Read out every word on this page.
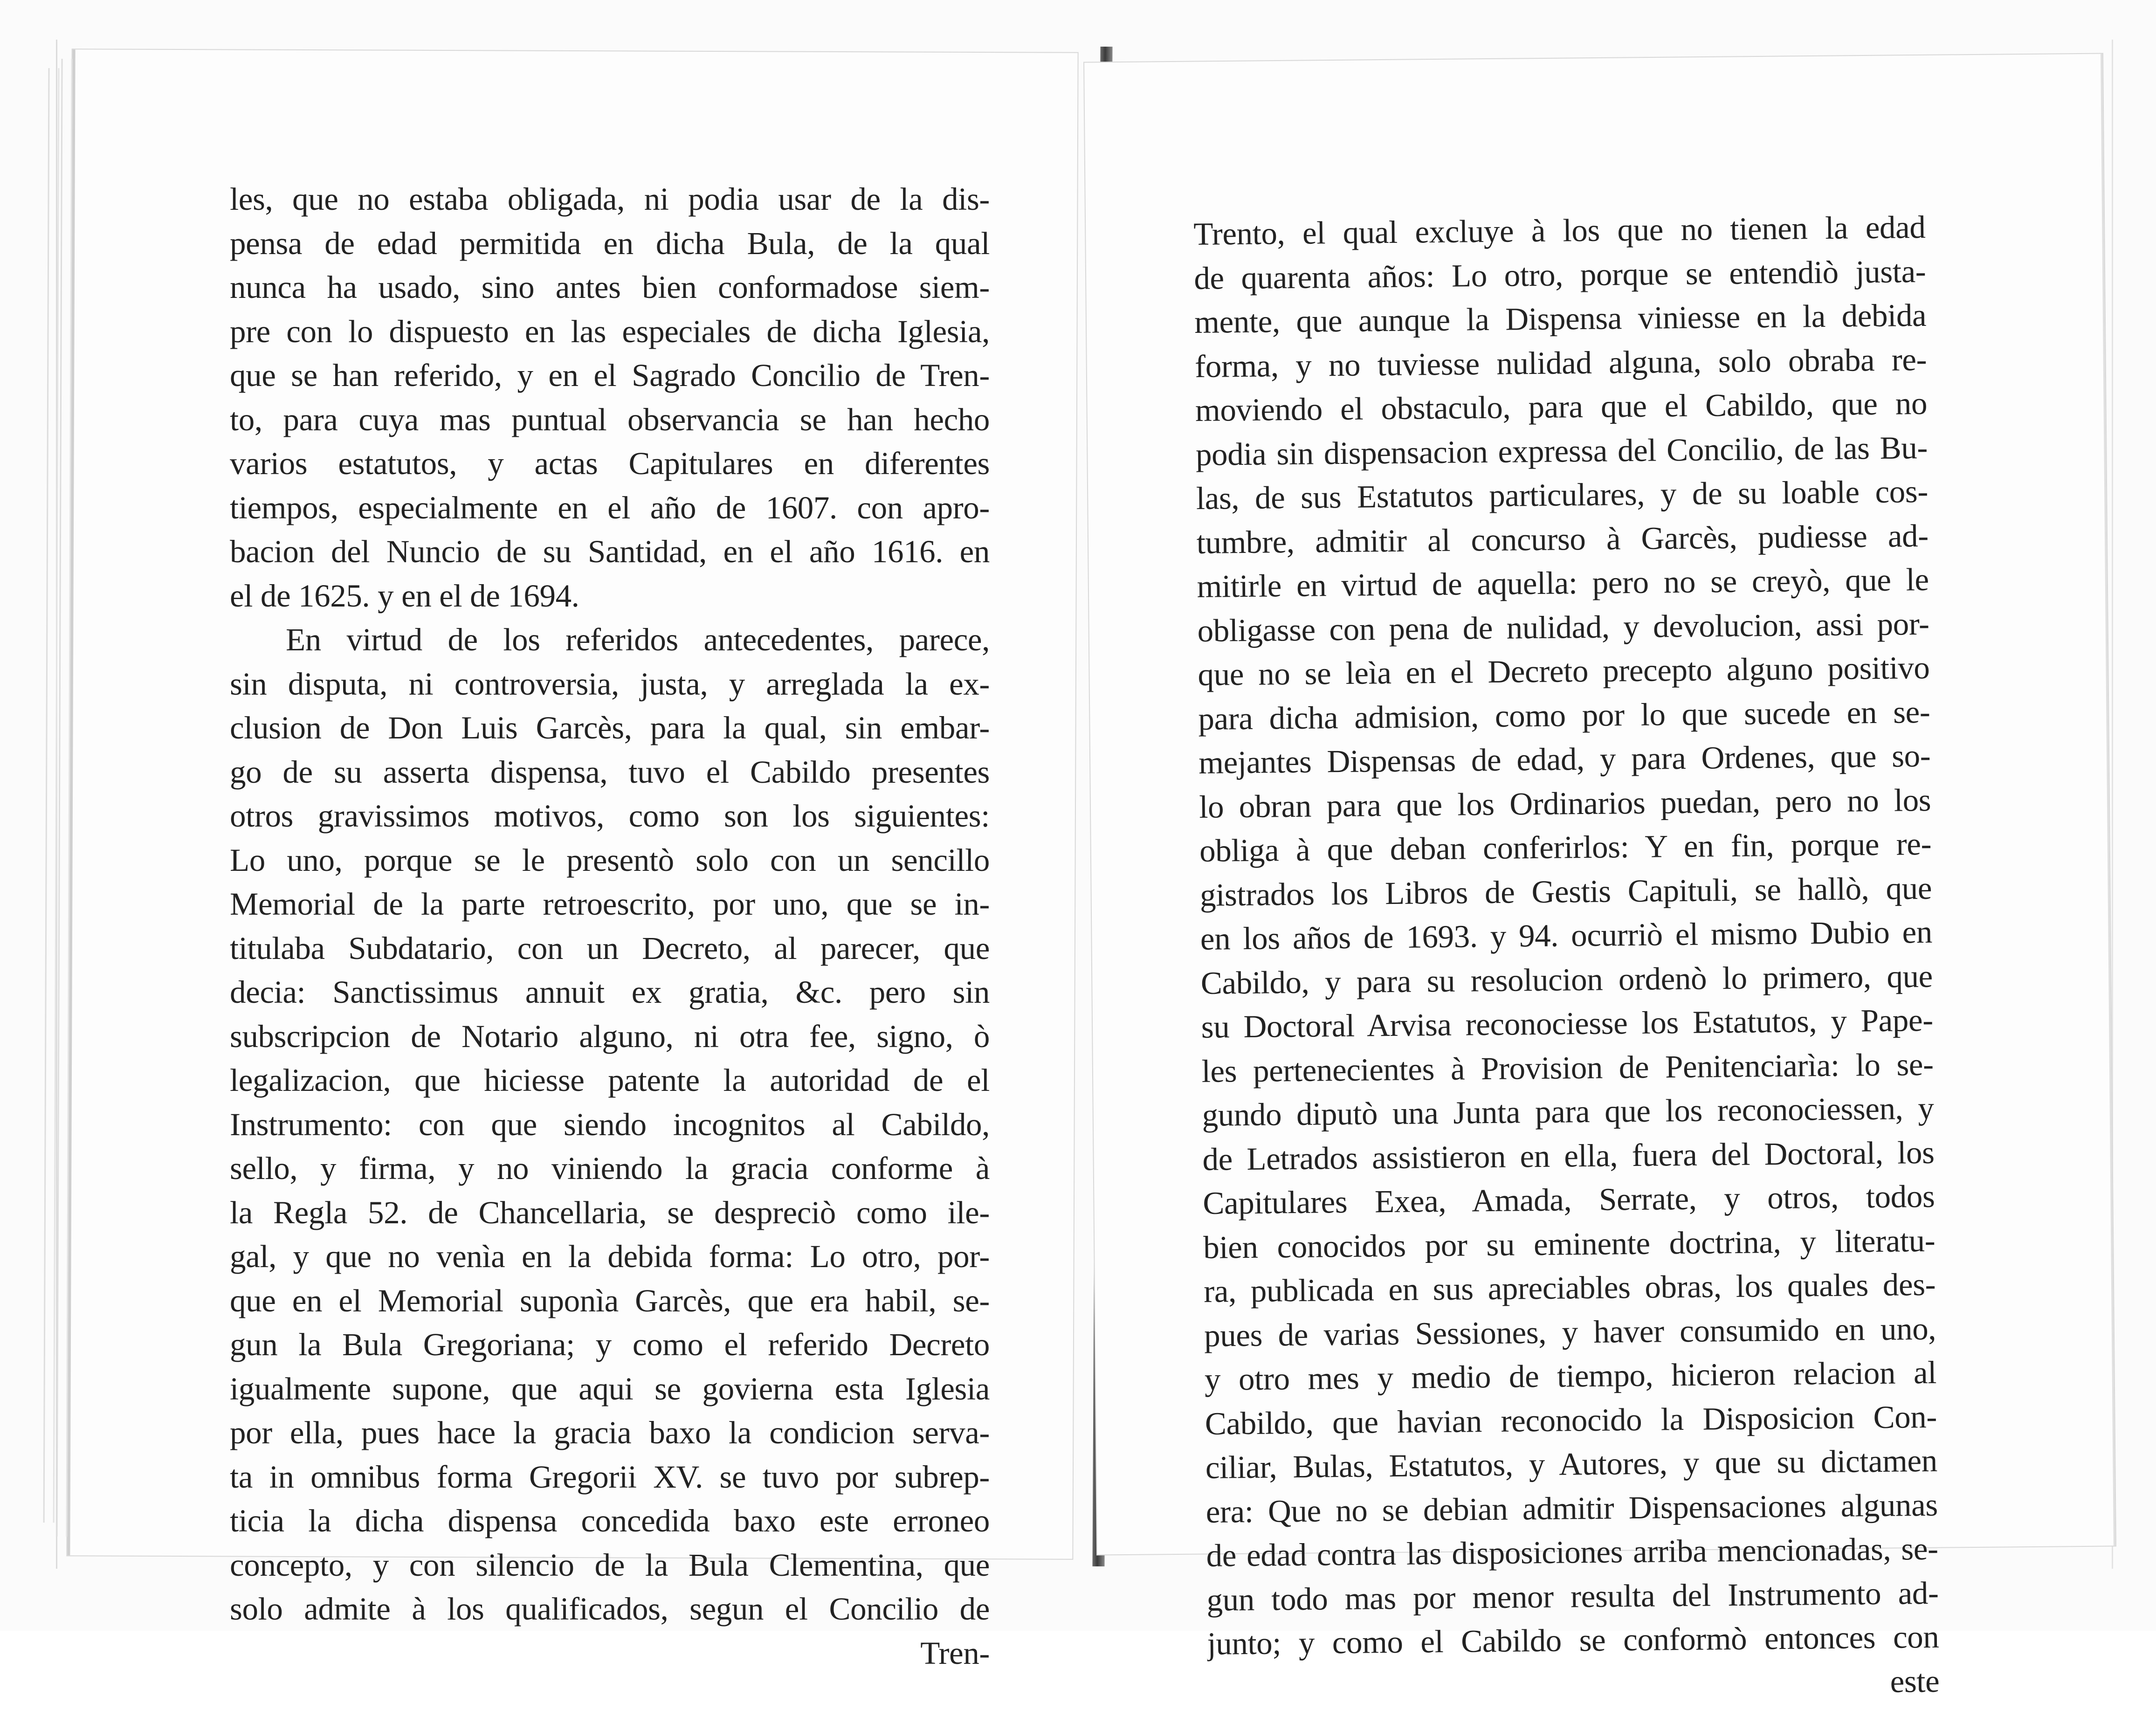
les, que no estaba obligada, ni podia usar de la dis-
pensa de edad permitida en dicha Bula, de la qual
nunca ha usado, sino antes bien conformadose siem-
pre con lo dispuesto en las especiales de dicha Iglesia,
que se han referido, y en el Sagrado Concilio de Tren-
to, para cuya mas puntual observancia se han hecho
varios estatutos, y actas Capitulares en diferentes
tiempos, especialmente en el año de 1607. con apro-
bacion del Nuncio de su Santidad, en el año 1616. en
el de 1625. y en el de 1694.
En virtud de los referidos antecedentes, parece,
sin disputa, ni controversia, justa, y arreglada la ex-
clusion de Don Luis Garcès, para la qual, sin embar-
go de su asserta dispensa, tuvo el Cabildo presentes
otros gravissimos motivos, como son los siguientes:
Lo uno, porque se le presentò solo con un sencillo
Memorial de la parte retroescrito, por uno, que se in-
titulaba Subdatario, con un Decreto, al parecer, que
decia: Sanctissimus annuit ex gratia, &c. pero sin
subscripcion de Notario alguno, ni otra fee, signo, ò
legalizacion, que hiciesse patente la autoridad de el
Instrumento: con que siendo incognitos al Cabildo,
sello, y firma, y no viniendo la gracia conforme à
la Regla 52. de Chancellaria, se despreciò como ile-
gal, y que no venìa en la debida forma: Lo otro, por-
que en el Memorial suponìa Garcès, que era habil, se-
gun la Bula Gregoriana; y como el referido Decreto
igualmente supone, que aqui se govierna esta Iglesia
por ella, pues hace la gracia baxo la condicion serva-
ta in omnibus forma Gregorii XV. se tuvo por subrep-
ticia la dicha dispensa concedida baxo este erroneo
concepto, y con silencio de la Bula Clementina, que
solo admite à los qualificados, segun el Concilio de
Tren-
Trento, el qual excluye à los que no tienen la edad
de quarenta años: Lo otro, porque se entendiò justa-
mente, que aunque la Dispensa viniesse en la debida
forma, y no tuviesse nulidad alguna, solo obraba re-
moviendo el obstaculo, para que el Cabildo, que no
podia sin dispensacion expressa del Concilio, de las Bu-
las, de sus Estatutos particulares, y de su loable cos-
tumbre, admitir al concurso à Garcès, pudiesse ad-
mitirle en virtud de aquella: pero no se creyò, que le
obligasse con pena de nulidad, y devolucion, assi por-
que no se leìa en el Decreto precepto alguno positivo
para dicha admision, como por lo que sucede en se-
mejantes Dispensas de edad, y para Ordenes, que so-
lo obran para que los Ordinarios puedan, pero no los
obliga à que deban conferirlos: Y en fin, porque re-
gistrados los Libros de Gestis Capituli, se hallò, que
en los años de 1693. y 94. ocurriò el mismo Dubio en
Cabildo, y para su resolucion ordenò lo primero, que
su Doctoral Arvisa reconociesse los Estatutos, y Pape-
les pertenecientes à Provision de Penitenciarìa: lo se-
gundo diputò una Junta para que los reconociessen, y
de Letrados assistieron en ella, fuera del Doctoral, los
Capitulares Exea, Amada, Serrate, y otros, todos
bien conocidos por su eminente doctrina, y literatu-
ra, publicada en sus apreciables obras, los quales des-
pues de varias Sessiones, y haver consumido en uno,
y otro mes y medio de tiempo, hicieron relacion al
Cabildo, que havian reconocido la Disposicion Con-
ciliar, Bulas, Estatutos, y Autores, y que su dictamen
era: Que no se debian admitir Dispensaciones algunas
de edad contra las disposiciones arriba mencionadas, se-
gun todo mas por menor resulta del Instrumento ad-
junto; y como el Cabildo se conformò entonces con
este
